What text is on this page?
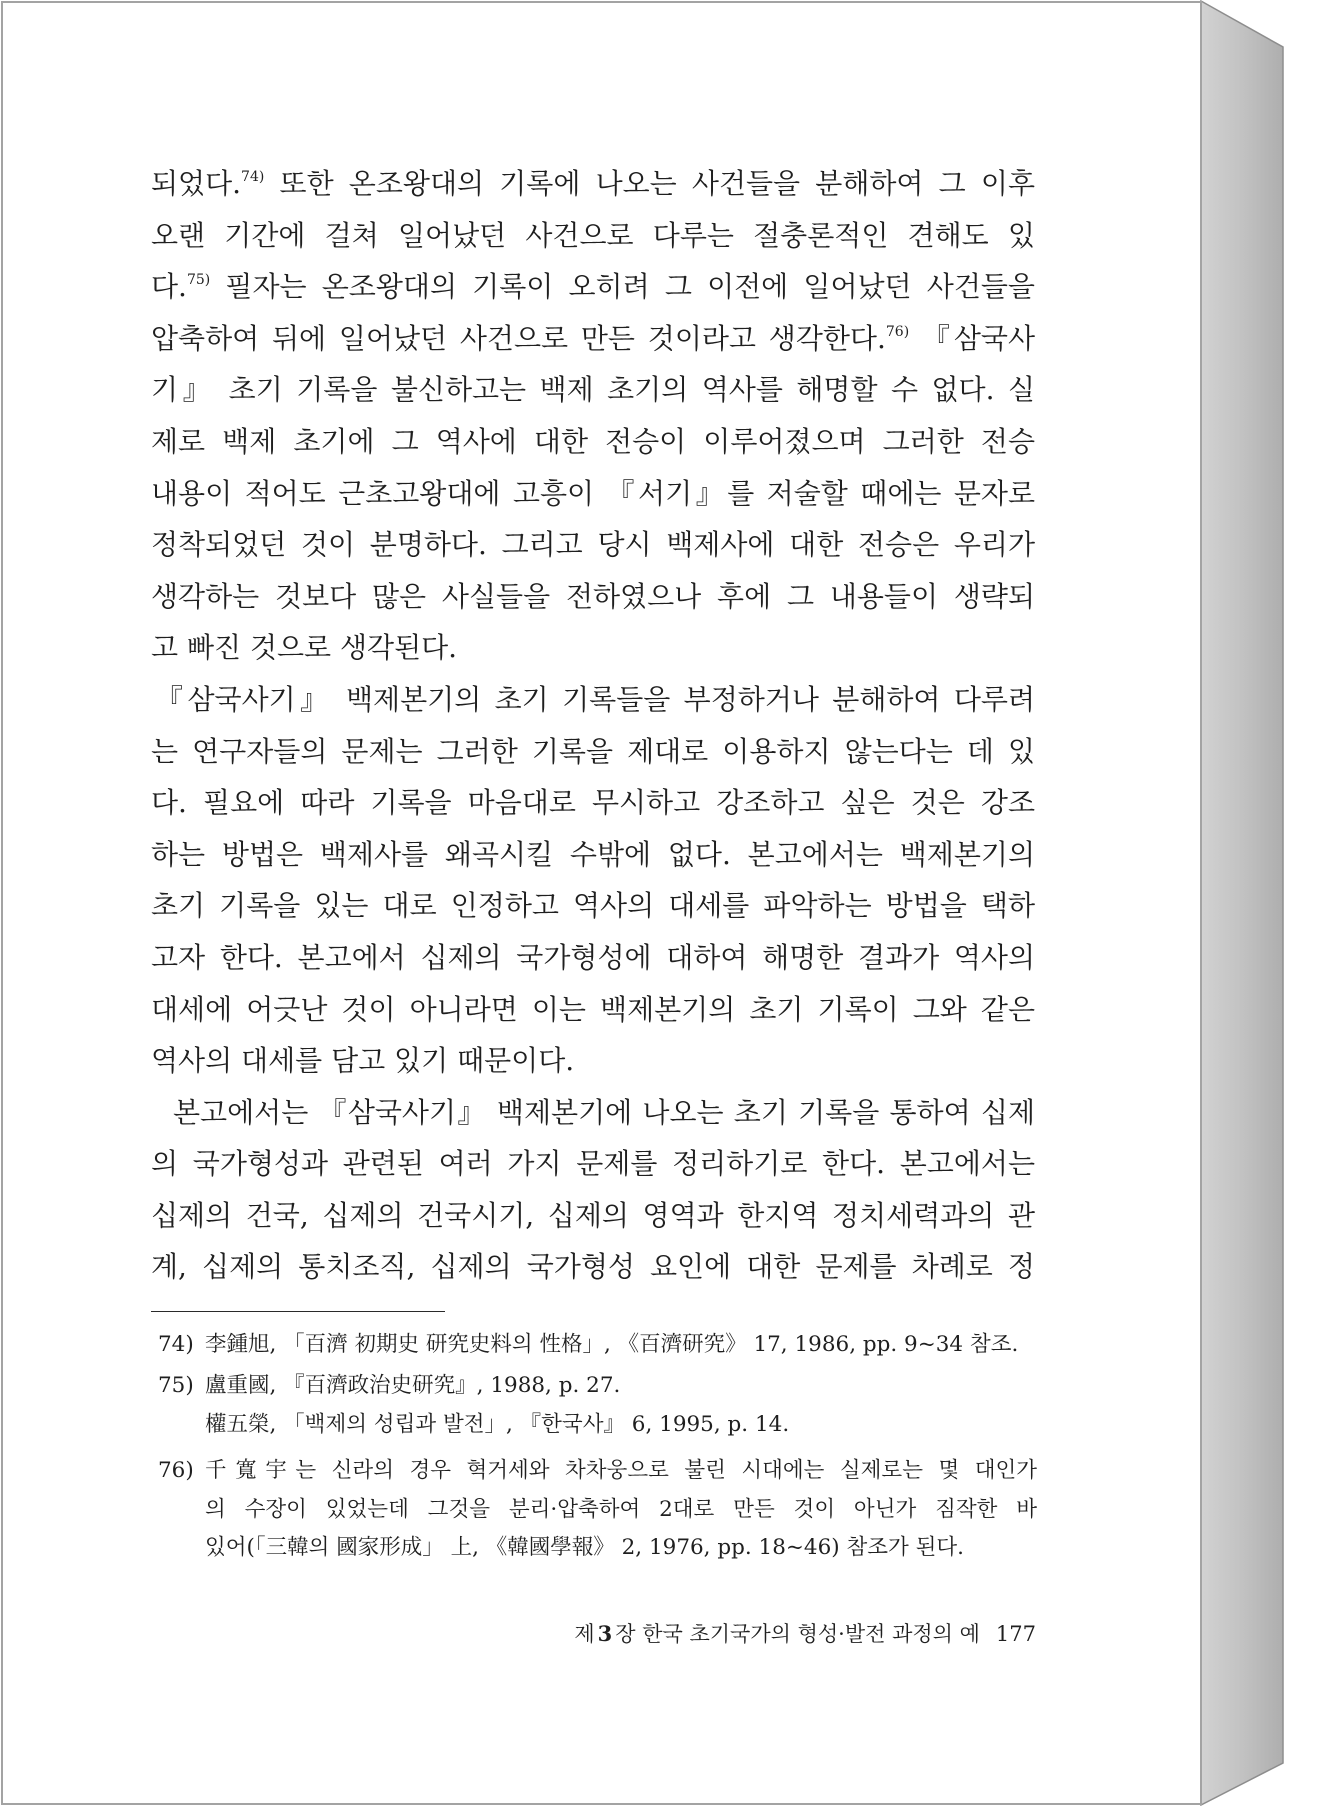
되었다.$^{74)}$ 또한 온조왕대의 기록에 나오는 사건들을 분해하여 그 이후
오랜 기간에 걸쳐 일어났던 사건으로 다루는 절충론적인 견해도 있
다.$^{75)}$ 필자는 온조왕대의 기록이 오히려 그 이전에 일어났던 사건들을
압축하여 뒤에 일어났던 사건으로 만든 것이라고 생각한다.$^{76)}$ 『삼국사
기』 초기 기록을 불신하고는 백제 초기의 역사를 해명할 수 없다. 실
제로 백제 초기에 그 역사에 대한 전승이 이루어졌으며 그러한 전승
내용이 적어도 근초고왕대에 고흥이 『서기』를 저술할 때에는 문자로
정착되었던 것이 분명하다. 그리고 당시 백제사에 대한 전승은 우리가
생각하는 것보다 많은 사실들을 전하였으나 후에 그 내용들이 생략되
고 빠진 것으로 생각된다.
『삼국사기』 백제본기의 초기 기록들을 부정하거나 분해하여 다루려
는 연구자들의 문제는 그러한 기록을 제대로 이용하지 않는다는 데 있
다. 필요에 따라 기록을 마음대로 무시하고 강조하고 싶은 것은 강조
하는 방법은 백제사를 왜곡시킬 수밖에 없다. 본고에서는 백제본기의
초기 기록을 있는 대로 인정하고 역사의 대세를 파악하는 방법을 택하
고자 한다. 본고에서 십제의 국가형성에 대하여 해명한 결과가 역사의
대세에 어긋난 것이 아니라면 이는 백제본기의 초기 기록이 그와 같은
역사의 대세를 담고 있기 때문이다.
본고에서는 『삼국사기』 백제본기에 나오는 초기 기록을 통하여 십제
의 국가형성과 관련된 여러 가지 문제를 정리하기로 한다. 본고에서는
십제의 건국, 십제의 건국시기, 십제의 영역과 한지역 정치세력과의 관
계, 십제의 통치조직, 십제의 국가형성 요인에 대한 문제를 차례로 정
74) 李鍾旭, 「百濟 初期史 研究史料의 性格」, 《百濟研究》 17, 1986, pp. 9~34 참조.
75) 盧重國, 『百濟政治史研究』, 1988, p. 27.
權五榮, 「백제의 성립과 발전」, 『한국사』 6, 1995, p. 14.
76) 千寬宇는 신라의 경우 혁거세와 차차웅으로 불린 시대에는 실제로는 몇 대인가
의 수장이 있었는데 그것을 분리·압축하여 2대로 만든 것이 아닌가 짐작한 바
있어(「三韓의 國家形成」 上, 《韓國學報》 2, 1976, pp. 18~46) 참조가 된다.
제 3 장 한국 초기국가의 형성·발전 과정의 예 177
